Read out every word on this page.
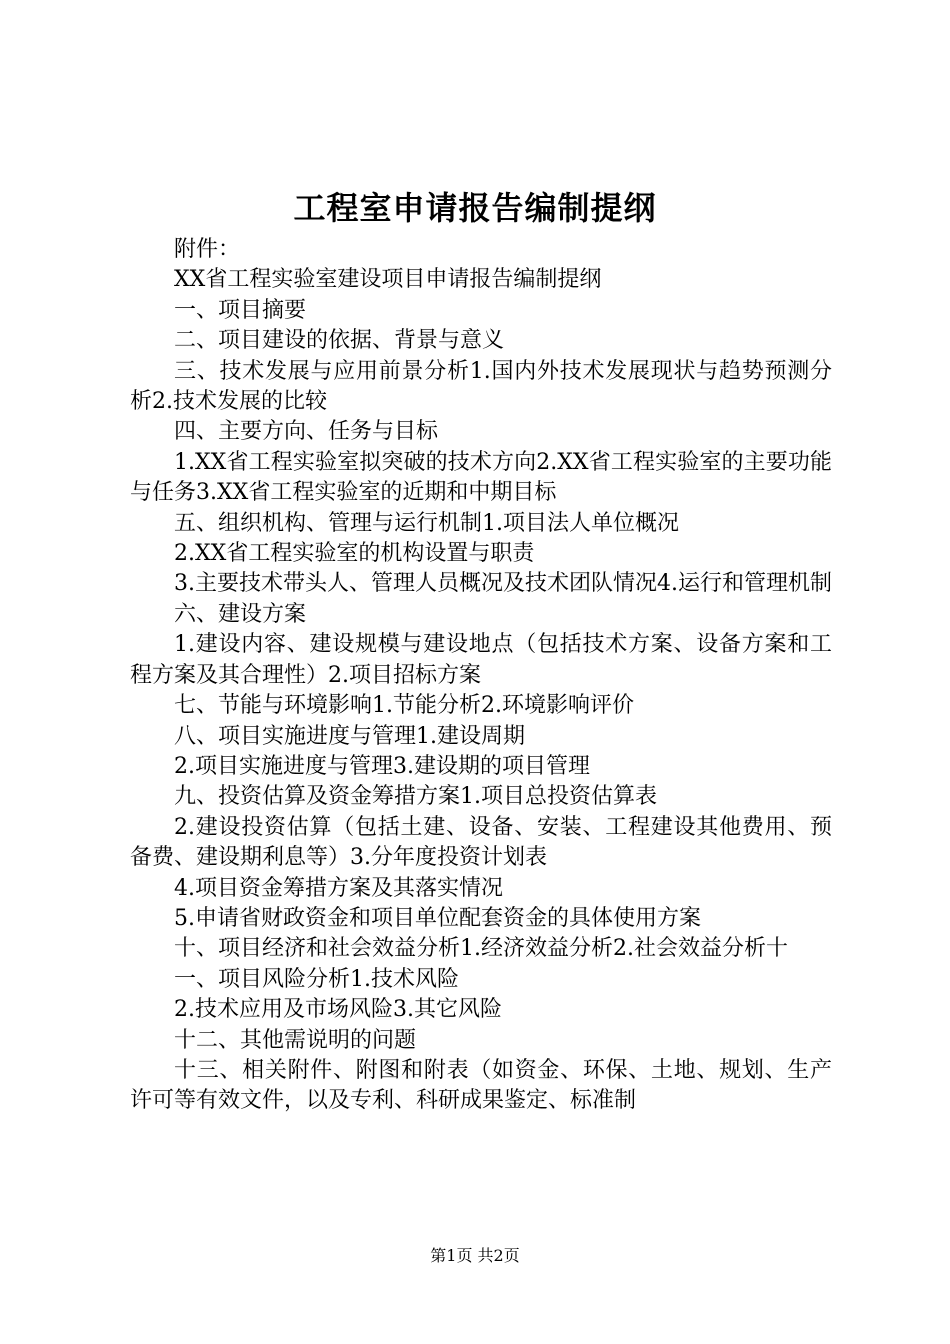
工程室申请报告编制提纲

附件：

XX省工程实验室建设项目申请报告编制提纲

一、项目摘要

二、项目建设的依据、背景与意义

三、技术发展与应用前景分析1.国内外技术发展现状与趋势预测分析2.技术发展的比较

四、主要方向、任务与目标

1.XX省工程实验室拟突破的技术方向2.XX省工程实验室的主要功能与任务3.XX省工程实验室的近期和中期目标

五、组织机构、管理与运行机制1.项目法人单位概况

2.XX省工程实验室的机构设置与职责

3.主要技术带头人、管理人员概况及技术团队情况4.运行和管理机制

六、建设方案

1.建设内容、建设规模与建设地点（包括技术方案、设备方案和工程方案及其合理性）2.项目招标方案

七、节能与环境影响1.节能分析2.环境影响评价

八、项目实施进度与管理1.建设周期

2.项目实施进度与管理3.建设期的项目管理

九、投资估算及资金筹措方案1.项目总投资估算表

2.建设投资估算（包括土建、设备、安装、工程建设其他费用、预备费、建设期利息等）3.分年度投资计划表

4.项目资金筹措方案及其落实情况

5.申请省财政资金和项目单位配套资金的具体使用方案

十、项目经济和社会效益分析1.经济效益分析2.社会效益分析十

一、项目风险分析1.技术风险

2.技术应用及市场风险3.其它风险

十二、其他需说明的问题

十三、相关附件、附图和附表（如资金、环保、土地、规划、生产许可等有效文件，以及专利、科研成果鉴定、标准制

第1页 共2页
